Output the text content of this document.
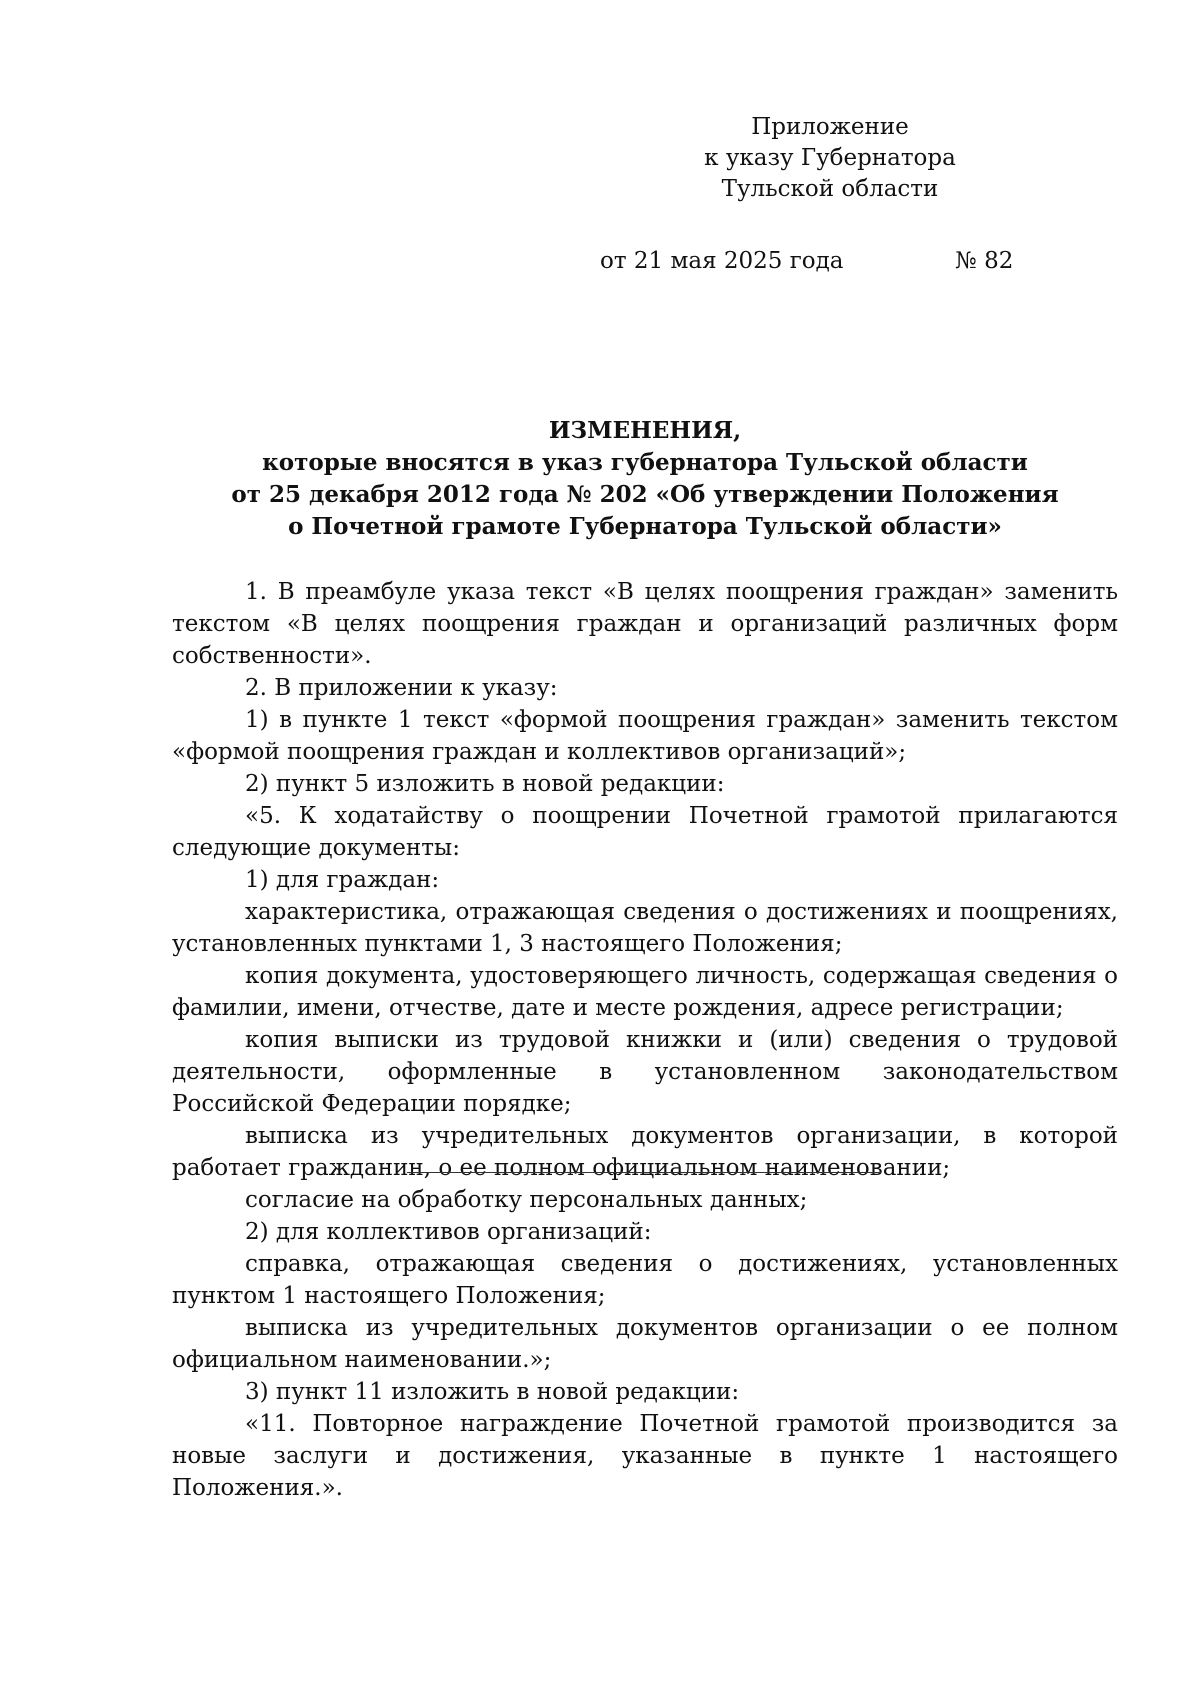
Приложение
к указу Губернатора
Тульской области
от 21 мая 2025 года	№ 82
ИЗМЕНЕНИЯ,
которые вносятся в указ губернатора Тульской области
от 25 декабря 2012 года № 202 «Об утверждении Положения
о Почетной грамоте Губернатора Тульской области»

1. В преамбуле указа текст «В целях поощрения граждан» заменить текстом «В целях поощрения граждан и организаций различных форм собственности».

2. В приложении к указу:

1) в пункте 1 текст «формой поощрения граждан» заменить текстом «формой поощрения граждан и коллективов организаций»;

2) пункт 5 изложить в новой редакции:

«5. К ходатайству о поощрении Почетной грамотой прилагаются следующие документы:

1) для граждан:

характеристика, отражающая сведения о достижениях и поощрениях, установленных пунктами 1, 3 настоящего Положения;

копия документа, удостоверяющего личность, содержащая сведения о фамилии, имени, отчестве, дате и месте рождения, адресе регистрации;

копия выписки из трудовой книжки и (или) сведения о трудовой деятельности, оформленные в установленном законодательством Российской Федерации порядке;

выписка из учредительных документов организации, в которой работает гражданин, о ее полном официальном наименовании;

согласие на обработку персональных данных;

2) для коллективов организаций:

справка, отражающая сведения о достижениях, установленных пунктом 1 настоящего Положения;

выписка из учредительных документов организации о ее полном официальном наименовании.»;

3) пункт 11 изложить в новой редакции:

«11. Повторное награждение Почетной грамотой производится за новые заслуги и достижения, указанные в пункте 1 настоящего Положения.».
